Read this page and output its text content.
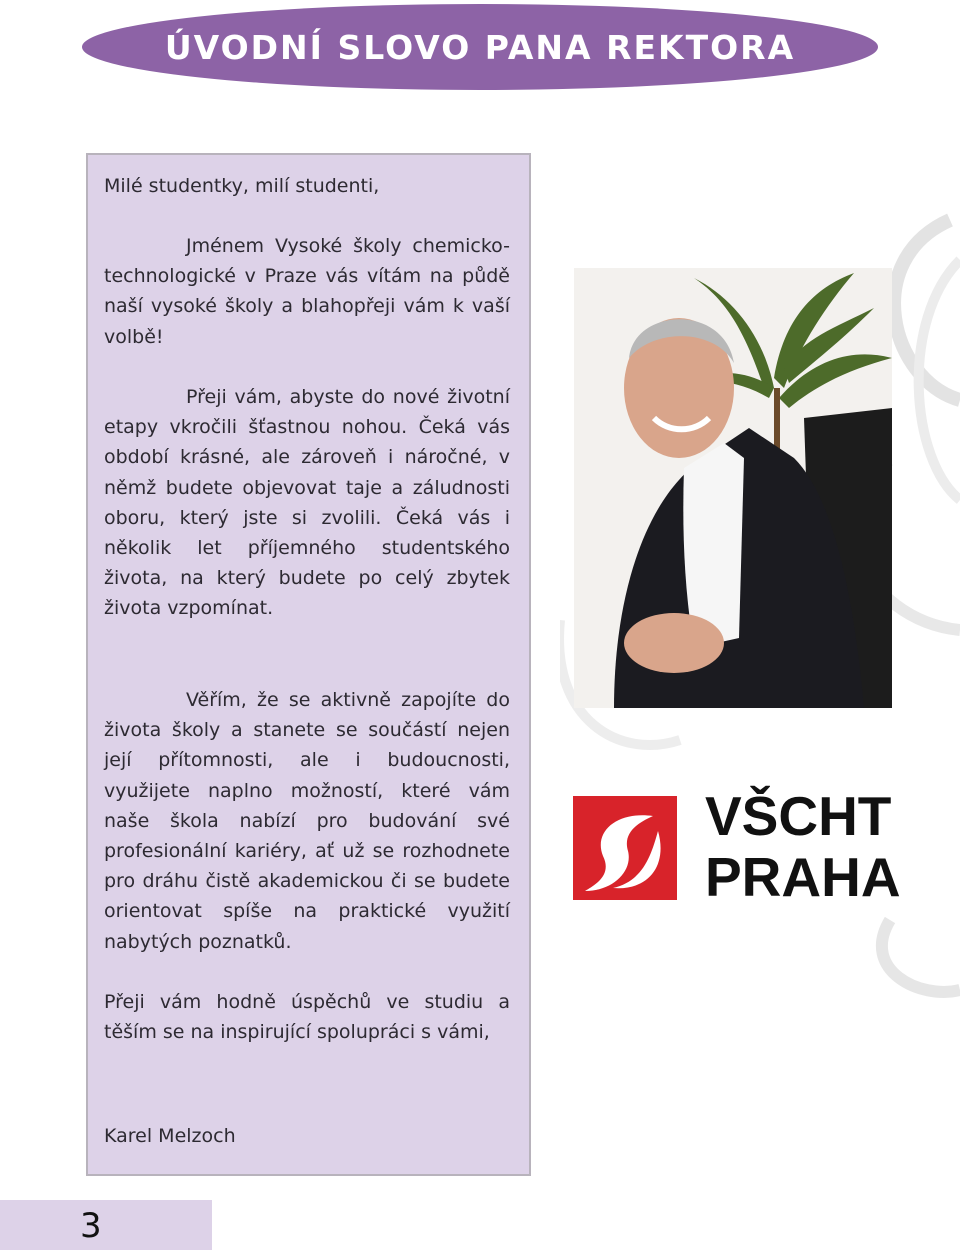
ÚVODNÍ SLOVO PANA REKTORA

Milé studentky, milí studenti,

Jménem Vysoké školy chemicko-technologické v Praze vás vítám na půdě naší vysoké školy a blahopřeji vám k vaší volbě!

Přeji vám, abyste do nové životní etapy vkročili šťastnou nohou. Čeká vás období krásné, ale zároveň i náročné, v němž budete objevovat taje a záludnosti oboru, který jste si zvolili. Čeká vás i několik let příjemného studentského života, na který budete po celý zbytek života vzpomínat.

Věřím, že se aktivně zapojíte do života školy a stanete se součástí nejen její přítomnosti, ale i budoucnosti, využijete naplno možností, které vám naše škola nabízí pro budování své profesionální kariéry, ať už se rozhodnete pro dráhu čistě akademickou či se budete orientovat spíše na praktické využití nabytých poznatků.

Přeji vám hodně úspěchů ve studiu a těším se na inspirující spolupráci s vámi,

Karel Melzoch

VŠCHT
PRAHA
3
